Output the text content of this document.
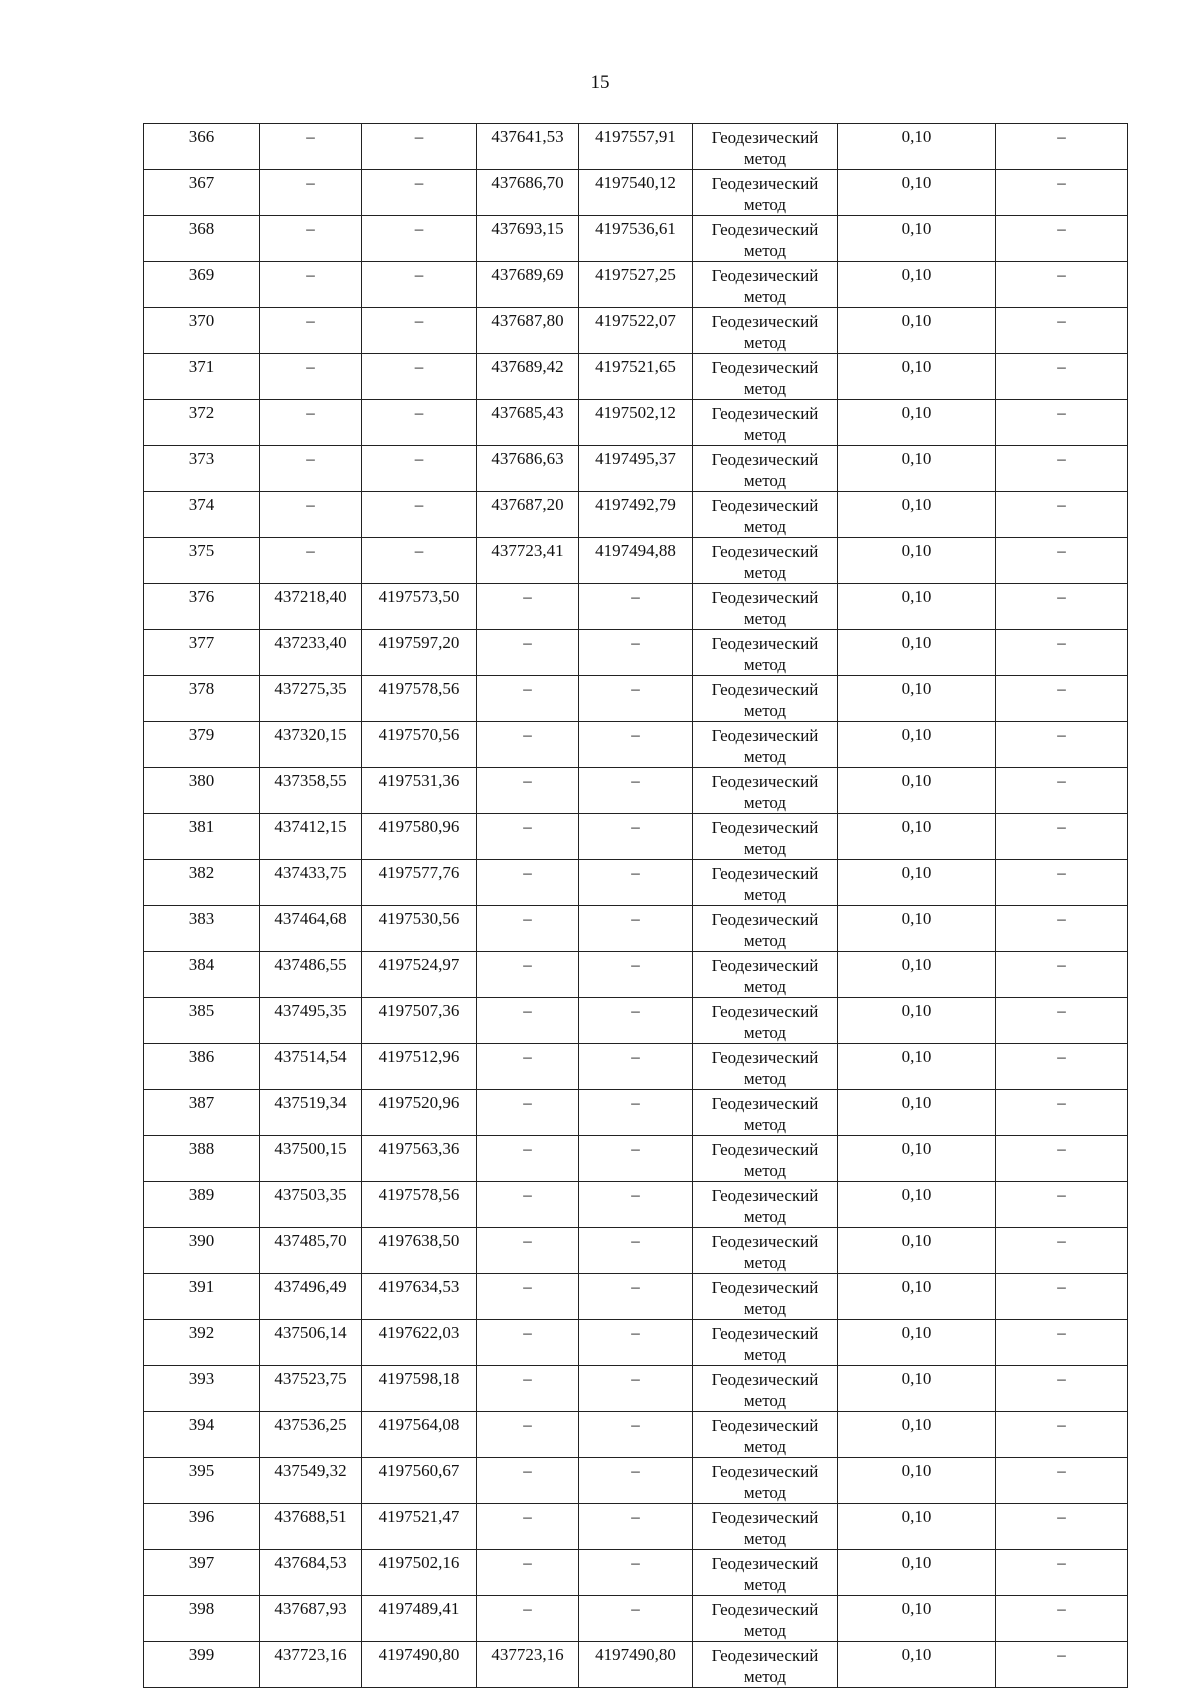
15
366	–	–	437641,53	4197557,91	Геодезический метод	0,10	–

367	–	–	437686,70	4197540,12	Геодезический метод	0,10	–

368	–	–	437693,15	4197536,61	Геодезический метод	0,10	–

369	–	–	437689,69	4197527,25	Геодезический метод	0,10	–

370	–	–	437687,80	4197522,07	Геодезический метод	0,10	–

371	–	–	437689,42	4197521,65	Геодезический метод	0,10	–

372	–	–	437685,43	4197502,12	Геодезический метод	0,10	–

373	–	–	437686,63	4197495,37	Геодезический метод	0,10	–

374	–	–	437687,20	4197492,79	Геодезический метод	0,10	–

375	–	–	437723,41	4197494,88	Геодезический метод	0,10	–

376	437218,40	4197573,50	–	–	Геодезический метод	0,10	–

377	437233,40	4197597,20	–	–	Геодезический метод	0,10	–

378	437275,35	4197578,56	–	–	Геодезический метод	0,10	–

379	437320,15	4197570,56	–	–	Геодезический метод	0,10	–

380	437358,55	4197531,36	–	–	Геодезический метод	0,10	–

381	437412,15	4197580,96	–	–	Геодезический метод	0,10	–

382	437433,75	4197577,76	–	–	Геодезический метод	0,10	–

383	437464,68	4197530,56	–	–	Геодезический метод	0,10	–

384	437486,55	4197524,97	–	–	Геодезический метод	0,10	–

385	437495,35	4197507,36	–	–	Геодезический метод	0,10	–

386	437514,54	4197512,96	–	–	Геодезический метод	0,10	–

387	437519,34	4197520,96	–	–	Геодезический метод	0,10	–

388	437500,15	4197563,36	–	–	Геодезический метод	0,10	–

389	437503,35	4197578,56	–	–	Геодезический метод	0,10	–

390	437485,70	4197638,50	–	–	Геодезический метод	0,10	–

391	437496,49	4197634,53	–	–	Геодезический метод	0,10	–

392	437506,14	4197622,03	–	–	Геодезический метод	0,10	–

393	437523,75	4197598,18	–	–	Геодезический метод	0,10	–

394	437536,25	4197564,08	–	–	Геодезический метод	0,10	–

395	437549,32	4197560,67	–	–	Геодезический метод	0,10	–

396	437688,51	4197521,47	–	–	Геодезический метод	0,10	–

397	437684,53	4197502,16	–	–	Геодезический метод	0,10	–

398	437687,93	4197489,41	–	–	Геодезический метод	0,10	–

399	437723,16	4197490,80	437723,16	4197490,80	Геодезический метод	0,10	–
